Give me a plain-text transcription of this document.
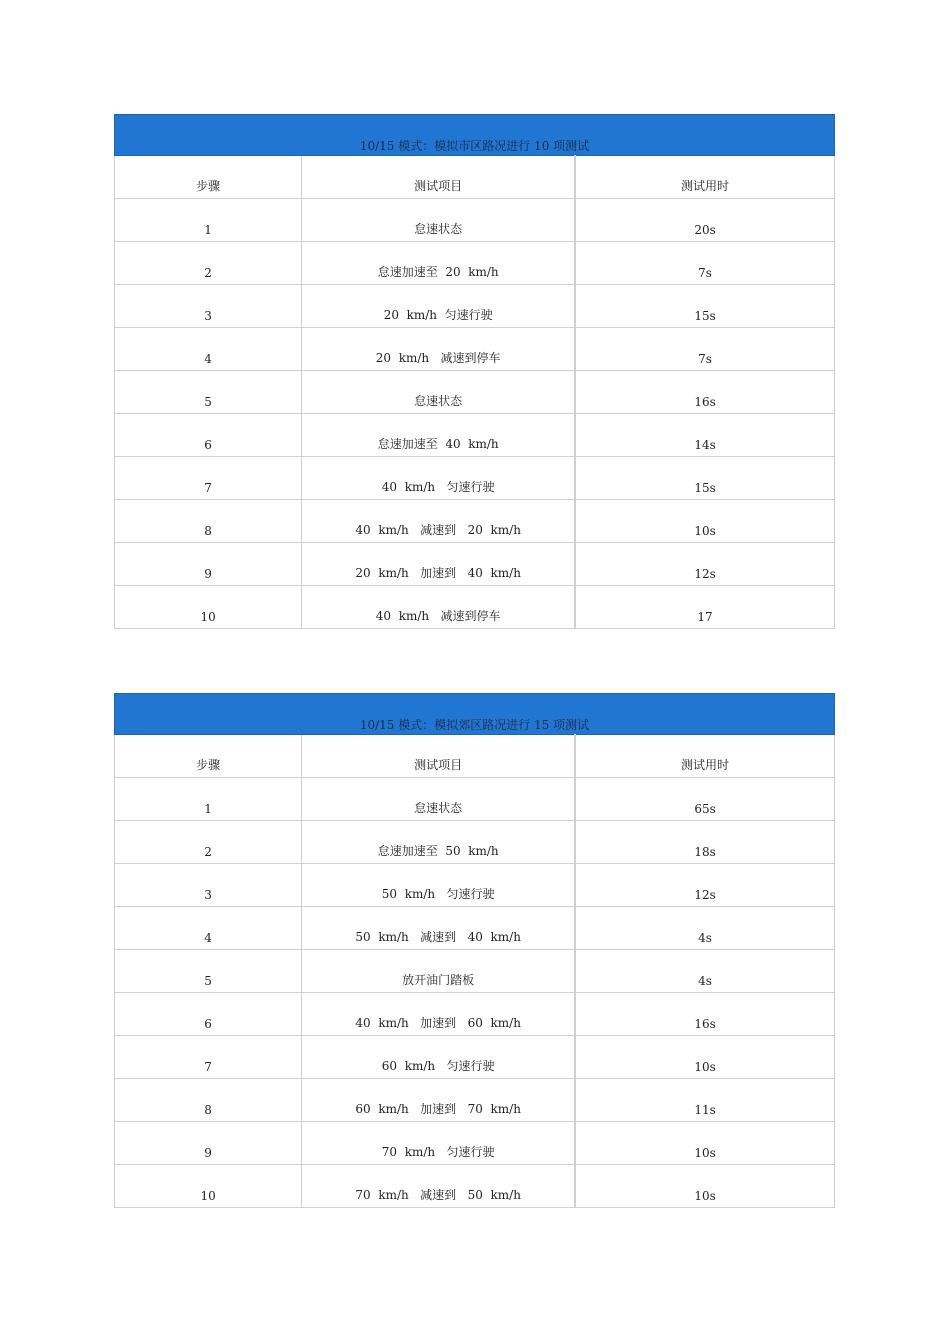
10/15 模式：模拟市区路况进行 10 项测试		
步骤	测试项目	测试用时
1	怠速状态	20s
2	怠速加速至  20  km/h	7s
3	20  km/h  匀速行驶	15s
4	20  km/h   减速到停车	7s
5	怠速状态	16s
6	怠速加速至  40  km/h	14s
7	40  km/h   匀速行驶	15s
8	40  km/h   减速到   20  km/h	10s
9	20  km/h   加速到   40  km/h	12s
10	40  km/h   减速到停车	17
10/15 模式：模拟郊区路况进行 15 项测试		
步骤	测试项目	测试用时
1	怠速状态	65s
2	怠速加速至  50  km/h	18s
3	50  km/h   匀速行驶	12s
4	50  km/h   减速到   40  km/h	4s
5	放开油门踏板	4s
6	40  km/h   加速到   60  km/h	16s
7	60  km/h   匀速行驶	10s
8	60  km/h   加速到   70  km/h	11s
9	70  km/h   匀速行驶	10s
10	70  km/h   减速到   50  km/h	10s
